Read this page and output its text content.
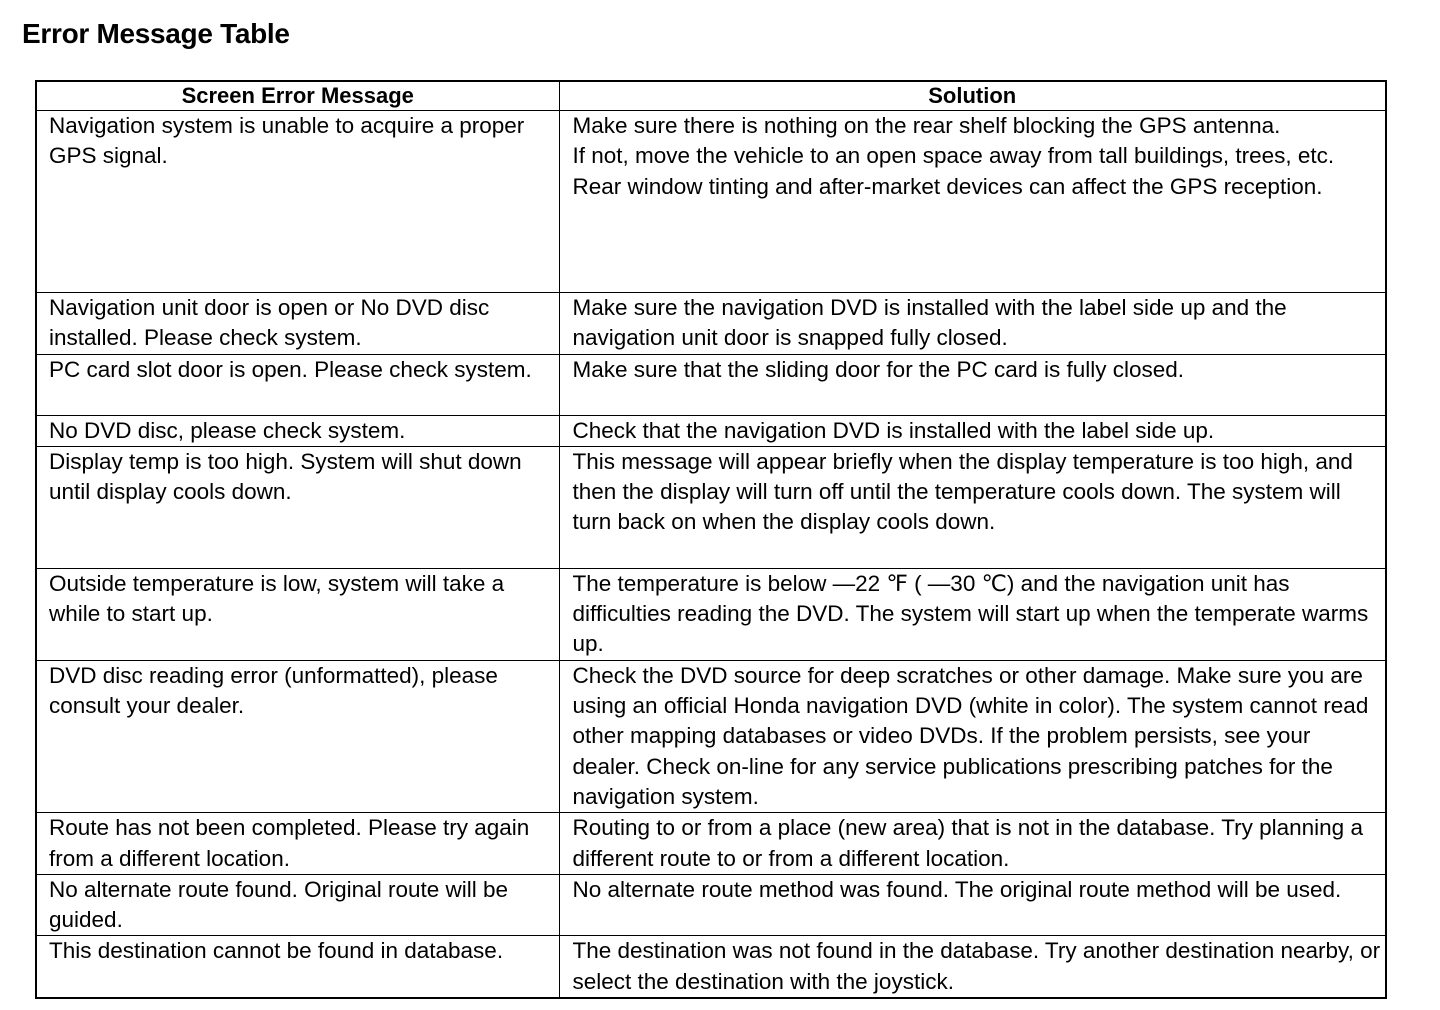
Error Message Table
Screen Error Message	Solution
Navigation system is unable to acquire a proper GPS signal.	Make sure there is nothing on the rear shelf blocking the GPS antenna.
If not, move the vehicle to an open space away from tall buildings, trees, etc.
Rear window tinting and after-market devices can affect the GPS reception.

Navigation unit door is open or No DVD disc installed. Please check system.	Make sure the navigation DVD is installed with the label side up and the navigation unit door is snapped fully closed.
PC card slot door is open. Please check system.	Make sure that the sliding door for the PC card is fully closed.
No DVD disc, please check system.	Check that the navigation DVD is installed with the label side up.
Display temp is too high. System will shut down until display cools down.	This message will appear briefly when the display temperature is too high, and then the display will turn off until the temperature cools down. The system will turn back on when the display cools down.
Outside temperature is low, system will take a while to start up.	The temperature is below —22 ℉ ( —30 ℃) and the navigation unit has difficulties reading the DVD. The system will start up when the temperate warms up.
DVD disc reading error (unformatted), please consult your dealer.	Check the DVD source for deep scratches or other damage. Make sure you are using an official Honda navigation DVD (white in color). The system cannot read other mapping databases or video DVDs. If the problem persists, see your dealer. Check on-line for any service publications prescribing patches for the navigation system.
Route has not been completed. Please try again from a different location.	Routing to or from a place (new area) that is not in the database. Try planning a different route to or from a different location.
No alternate route found. Original route will be guided.	No alternate route method was found. The original route method will be used.
This destination cannot be found in database.	The destination was not found in the database. Try another destination nearby, or select the destination with the joystick.
